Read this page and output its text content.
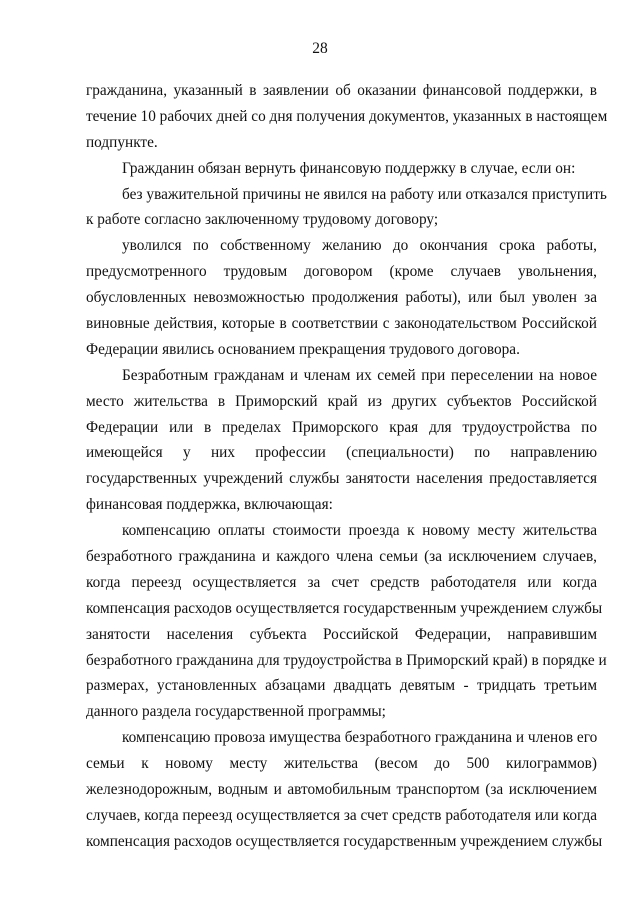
28
гражданина, указанный в заявлении об оказании финансовой поддержки, в
течение 10 рабочих дней со дня получения документов, указанных в настоящем
подпункте.
Гражданин обязан вернуть финансовую поддержку в случае, если он:
без уважительной причины не явился на работу или отказался приступить
к работе согласно заключенному трудовому договору;
уволился по собственному желанию до окончания срока работы,
предусмотренного трудовым договором (кроме случаев увольнения,
обусловленных невозможностью продолжения работы), или был уволен за
виновные действия, которые в соответствии с законодательством Российской
Федерации явились основанием прекращения трудового договора.
Безработным гражданам и членам их семей при переселении на новое
место жительства в Приморский край из других субъектов Российской
Федерации или в пределах Приморского края для трудоустройства по
имеющейся у них профессии (специальности) по направлению
государственных учреждений службы занятости населения предоставляется
финансовая поддержка, включающая:
компенсацию оплаты стоимости проезда к новому месту жительства
безработного гражданина и каждого члена семьи (за исключением случаев,
когда переезд осуществляется за счет средств работодателя или когда
компенсация расходов осуществляется государственным учреждением службы
занятости населения субъекта Российской Федерации, направившим
безработного гражданина для трудоустройства в Приморский край) в порядке и
размерах, установленных абзацами двадцать девятым - тридцать третьим
данного раздела государственной программы;
компенсацию провоза имущества безработного гражданина и членов его
семьи к новому месту жительства (весом до 500 килограммов)
железнодорожным, водным и автомобильным транспортом (за исключением
случаев, когда переезд осуществляется за счет средств работодателя или когда
компенсация расходов осуществляется государственным учреждением службы
